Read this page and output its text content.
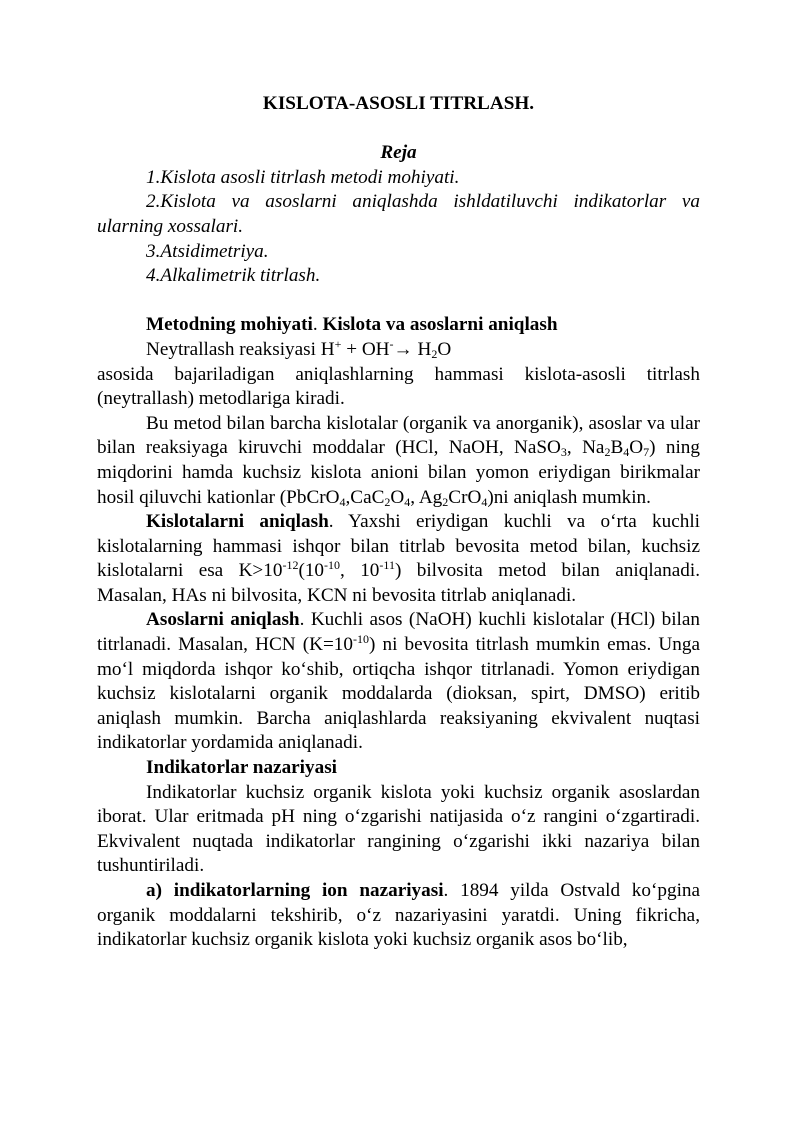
KISLOTA-ASOSLI TITRLASH.

Reja

1.Kislota asosli titrlash metodi mohiyati.

2.Kislota va asoslarni aniqlashda ishldatiluvchi indikatorlar va ularning xossalari.

3.Atsidimetriya.

4.Alkalimetrik titrlash.

Metodning mohiyati. Kislota va asoslarni aniqlash

Neytrallash reaksiyasi $H^+ + OH^-\to H_2O$

asosida bajariladigan aniqlashlarning hammasi kislota-asosli titrlash (neytrallash) metodlariga kiradi.

Bu metod bilan barcha kislotalar (organik va anorganik), asoslar va ular bilan reaksiyaga kiruvchi moddalar (HCl, NaOH, NaSO$_3$, $Na_2B_4O_7$) ning miqdorini hamda kuchsiz kislota anioni bilan yomon eriydigan birikmalar hosil qiluvchi kationlar ($PbCrO_4,CaC_2O_4$, $Ag_2CrO_4)ni$ aniqlash mumkin.

Kislotalarni aniqlash. Yaxshi eriydigan kuchli va o‘rta kuchli kislotalarning hammasi ishqor bilan titrlab bevosita metod bilan, kuchsiz kislotalarni esa $K>10^{-12}(10^{-10}$, $10^{-11}$) bilvosita metod bilan aniqlanadi. Masalan, HAs ni bilvosita, KCN ni bevosita titrlab aniqlanadi.

Asoslarni aniqlash. Kuchli asos (NaOH) kuchli kislotalar (HCl) bilan titrlanadi. Masalan, HCN $(K=10^{-10})$ ni bevosita titrlash mumkin emas. Unga mo‘l miqdorda ishqor ko‘shib, ortiqcha ishqor titrlanadi. Yomon eriydigan kuchsiz kislotalarni organik moddalarda (dioksan, spirt, DMSO) eritib aniqlash mumkin. Barcha aniqlashlarda reaksiyaning ekvivalent nuqtasi indikatorlar yordamida aniqlanadi.

Indikatorlar nazariyasi

Indikatorlar kuchsiz organik kislota yoki kuchsiz organik asoslardan iborat. Ular eritmada pH ning o‘zgarishi natijasida o‘z rangini o‘zgartiradi. Ekvivalent nuqtada indikatorlar rangining o‘zgarishi ikki nazariya bilan tushuntiriladi.

a) indikatorlarning ion nazariyasi. 1894 yilda Ostvald ko‘pgina organik moddalarni tekshirib, o‘z nazariyasini yaratdi. Uning fikricha, indikatorlar kuchsiz organik kislota yoki kuchsiz organik asos bo‘lib,
